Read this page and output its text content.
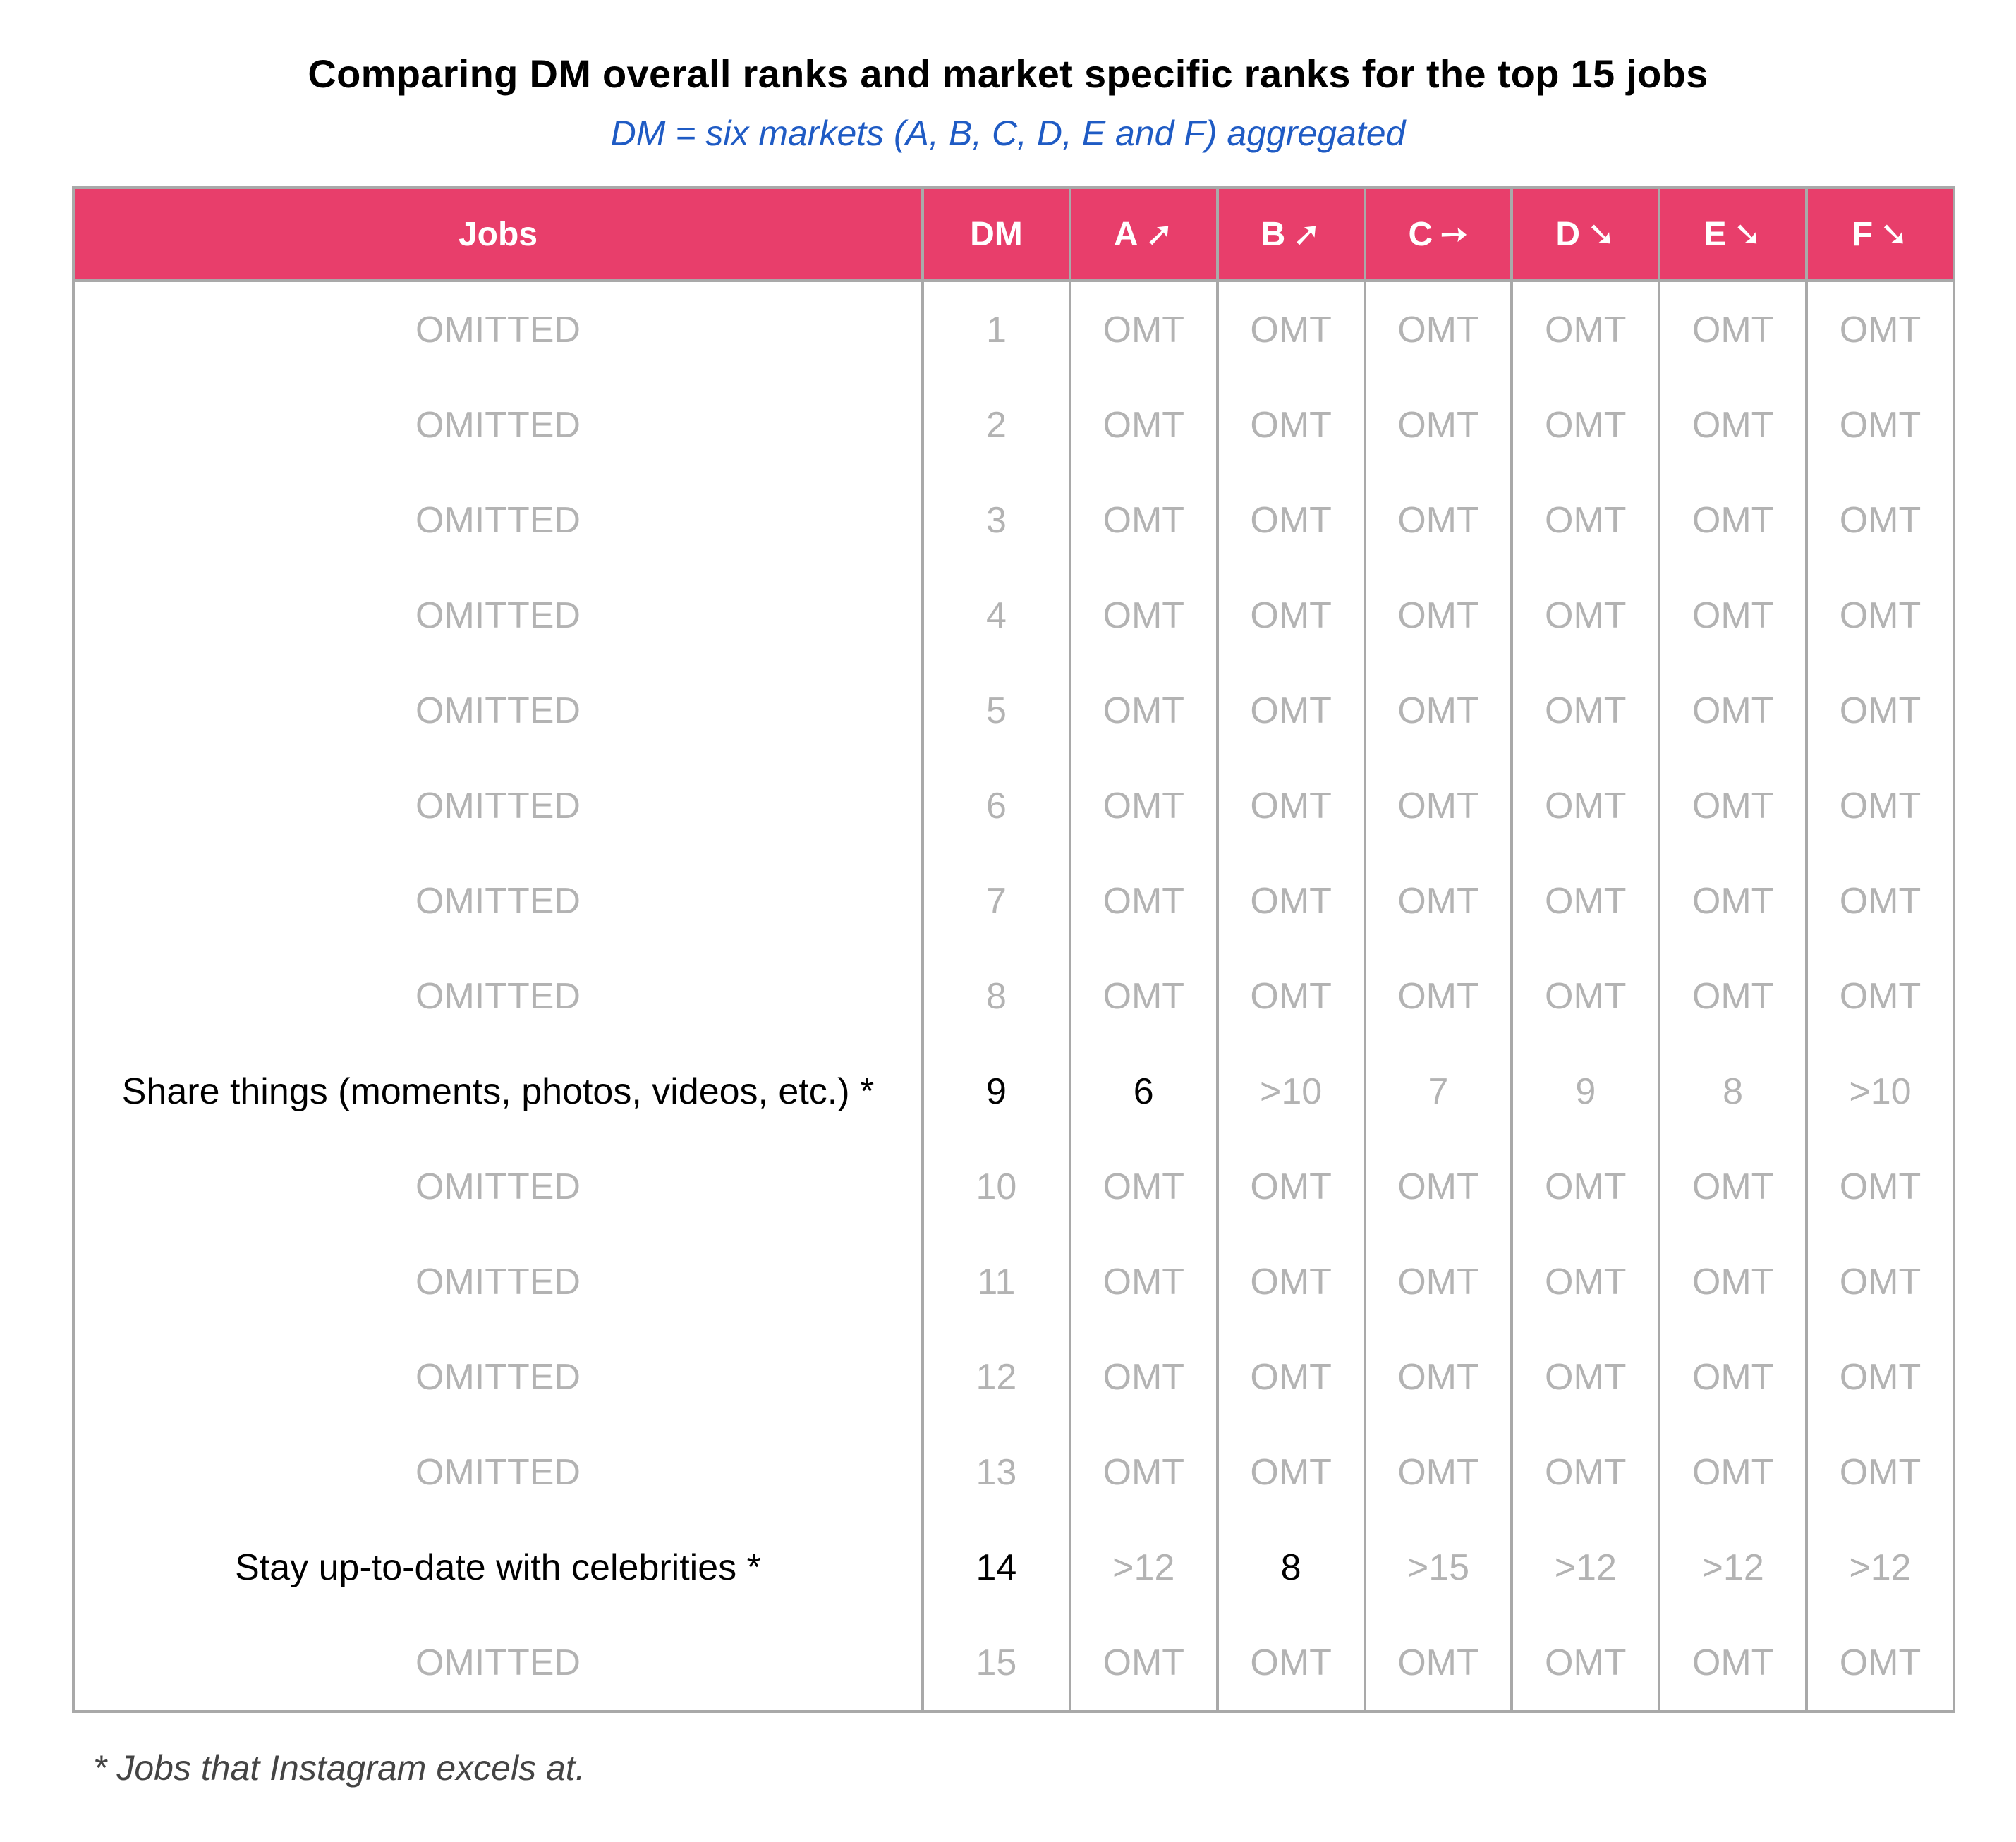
Comparing DM overall ranks and market specific ranks for the top 15 jobs
DM = six markets (A, B, C, D, E and F) aggregated
Jobs	DM	A ➚	B ➚	C ➙	D ➘	E ➘	F ➘
OMITTED	1	OMT	OMT	OMT	OMT	OMT	OMT
OMITTED	2	OMT	OMT	OMT	OMT	OMT	OMT
OMITTED	3	OMT	OMT	OMT	OMT	OMT	OMT
OMITTED	4	OMT	OMT	OMT	OMT	OMT	OMT
OMITTED	5	OMT	OMT	OMT	OMT	OMT	OMT
OMITTED	6	OMT	OMT	OMT	OMT	OMT	OMT
OMITTED	7	OMT	OMT	OMT	OMT	OMT	OMT
OMITTED	8	OMT	OMT	OMT	OMT	OMT	OMT
Share things (moments, photos, videos, etc.) *	9	6	>10	7	9	8	>10
OMITTED	10	OMT	OMT	OMT	OMT	OMT	OMT
OMITTED	11	OMT	OMT	OMT	OMT	OMT	OMT
OMITTED	12	OMT	OMT	OMT	OMT	OMT	OMT
OMITTED	13	OMT	OMT	OMT	OMT	OMT	OMT
Stay up-to-date with celebrities *	14	>12	8	>15	>12	>12	>12
OMITTED	15	OMT	OMT	OMT	OMT	OMT	OMT
* Jobs that Instagram excels at.
